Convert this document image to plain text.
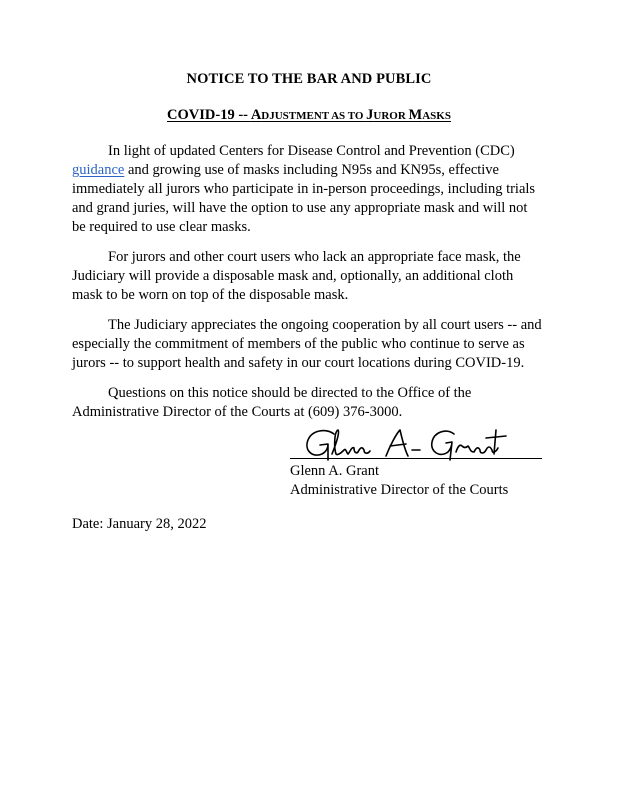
NOTICE TO THE BAR AND PUBLIC
COVID-19 -- ADJUSTMENT AS TO JUROR MASKS

In light of updated Centers for Disease Control and Prevention (CDC) guidance and growing use of masks including N95s and KN95s, effective immediately all jurors who participate in in-person proceedings, including trials and grand juries, will have the option to use any appropriate mask and will not be required to use clear masks.

For jurors and other court users who lack an appropriate face mask, the Judiciary will provide a disposable mask and, optionally, an additional cloth mask to be worn on top of the disposable mask.

The Judiciary appreciates the ongoing cooperation by all court users -- and especially the commitment of members of the public who continue to serve as jurors -- to support health and safety in our court locations during COVID-19.

Questions on this notice should be directed to the Office of the Administrative Director of the Courts at (609) 376-3000.

Glenn A. Grant
Administrative Director of the Courts
Date: January 28, 2022
